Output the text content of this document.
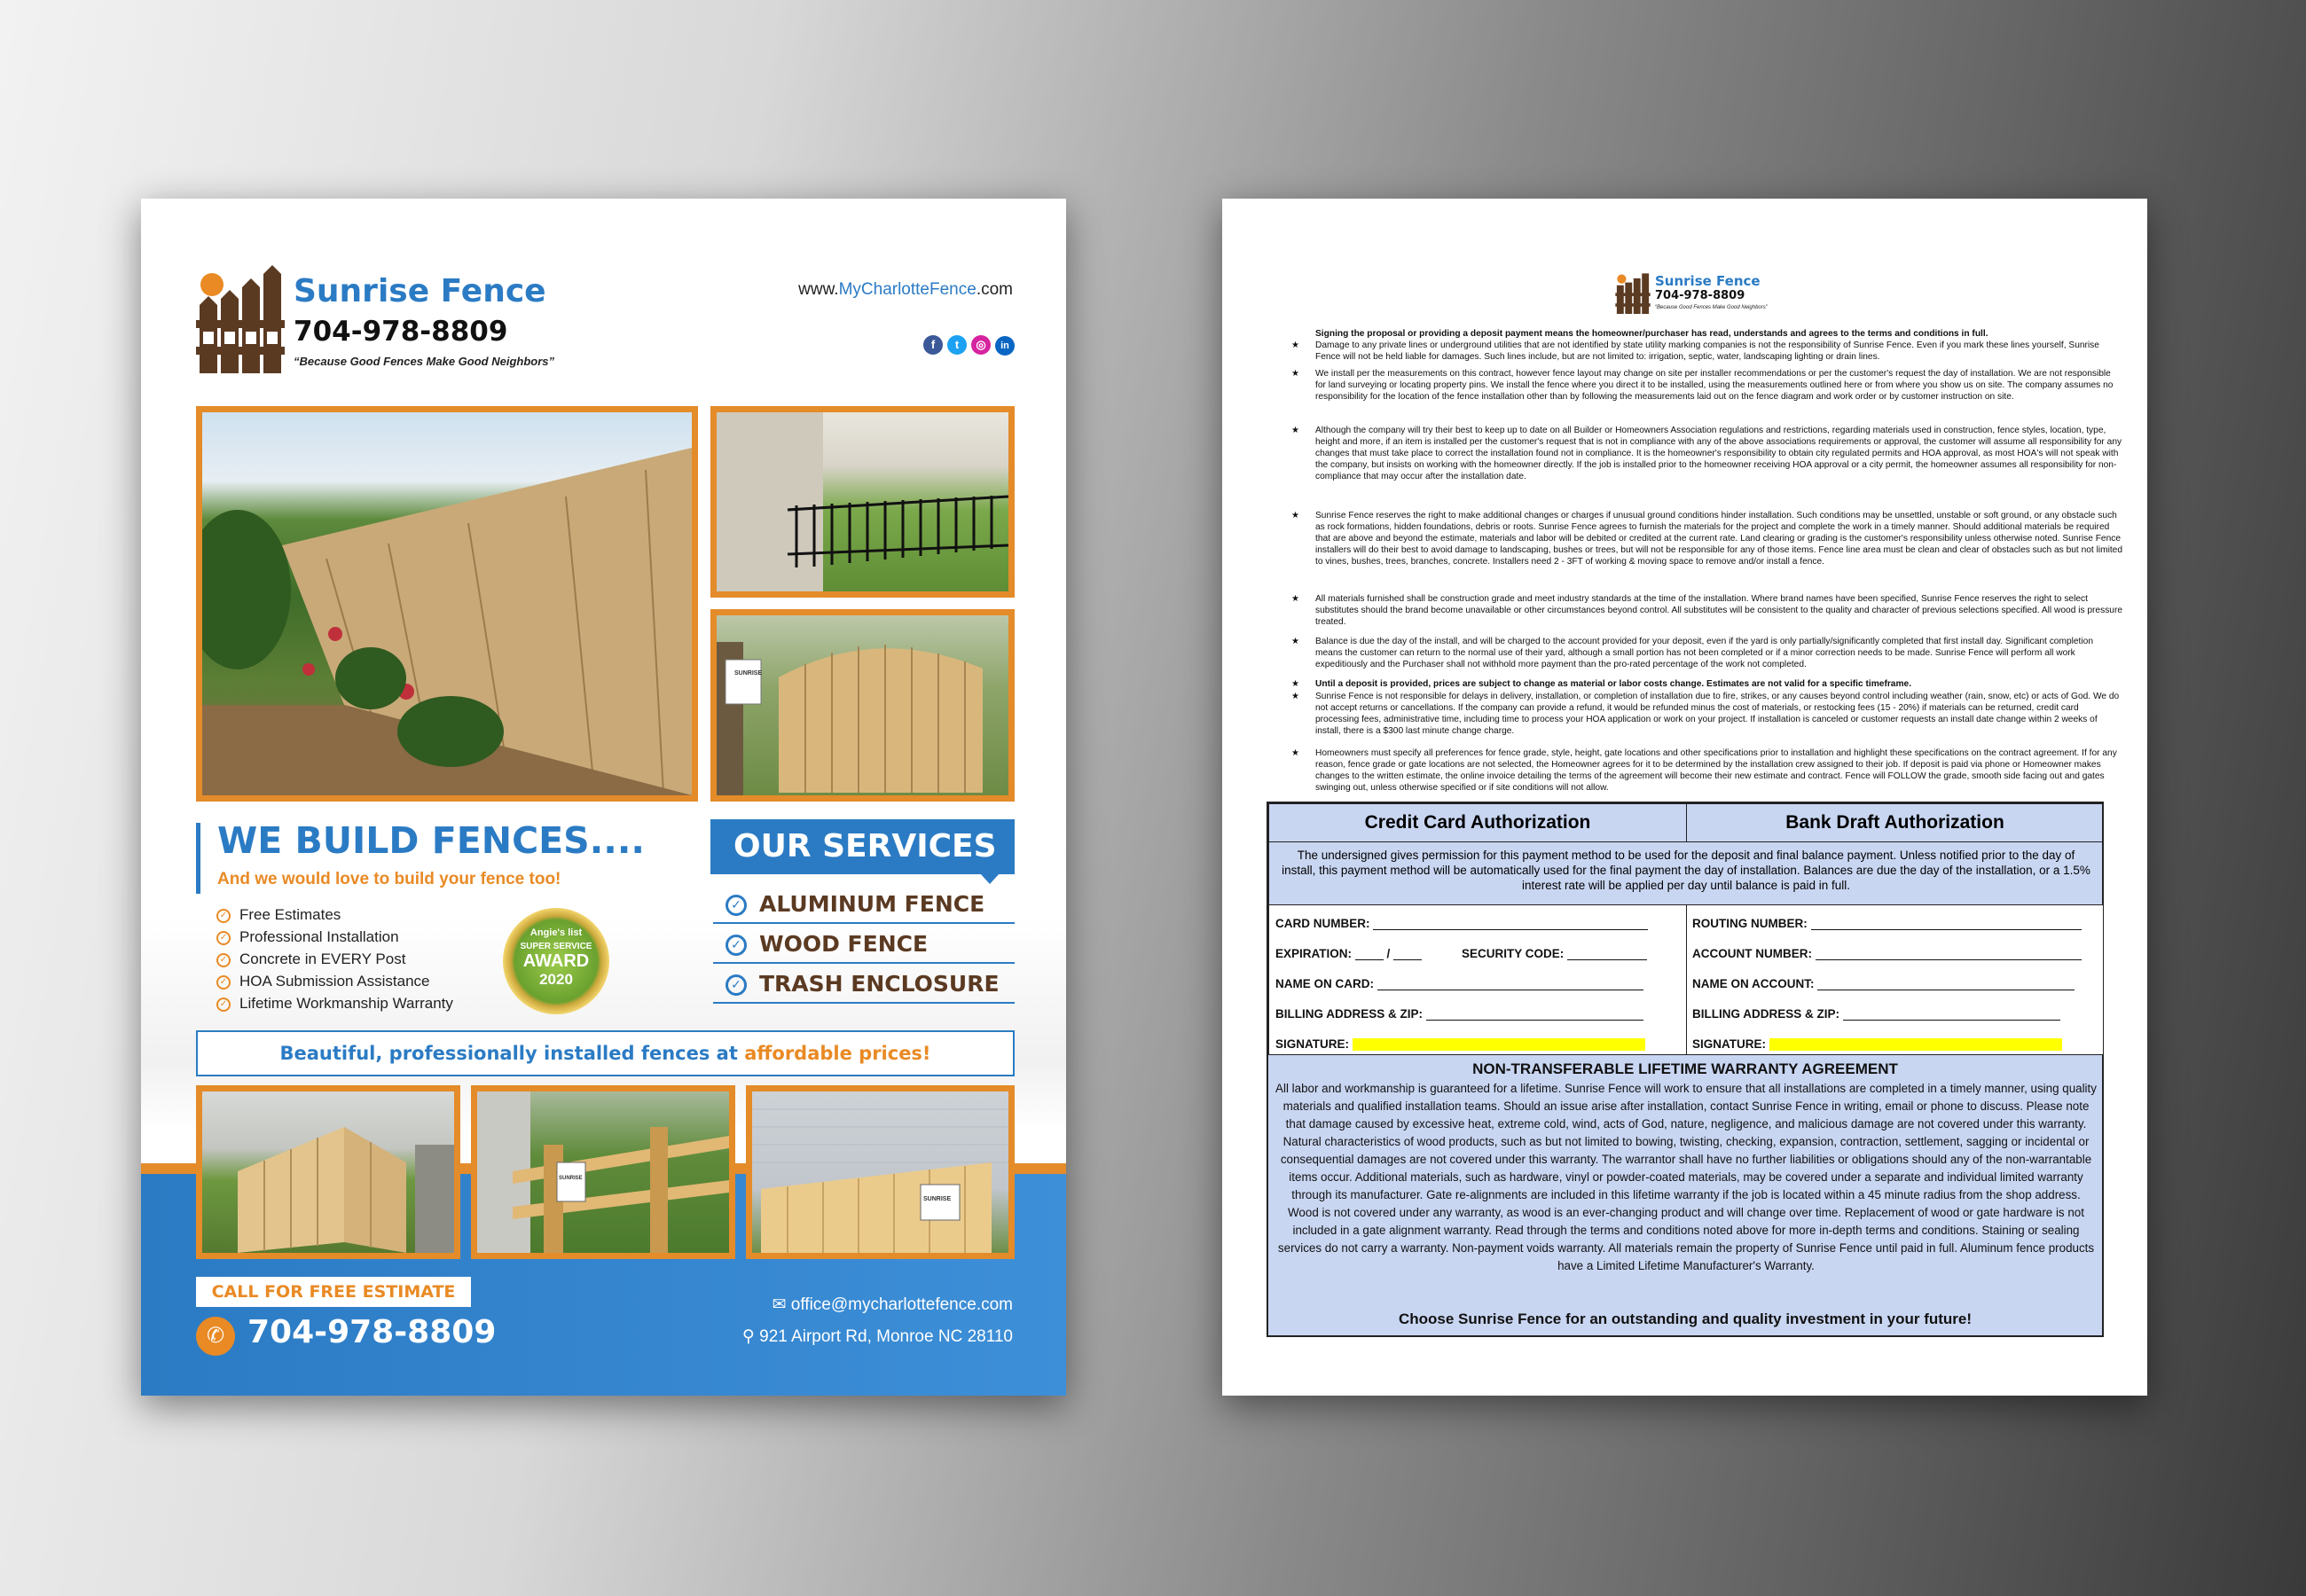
Sunrise Fence
704-978-8809
“Because Good Fences Make Good Neighbors”
www.MyCharlotteFence.com
f t ◎ in
SUNRISE
WE BUILD FENCES....
And we would love to build your fence too!
✓ Free Estimates
✓ Professional Installation
✓ Concrete in EVERY Post
✓ HOA Submission Assistance
✓ Lifetime Workmanship Warranty
Angie's list
SUPER SERVICE
AWARD
2020
OUR SERVICES
✓ ALUMINUM FENCE
✓ WOOD FENCE
✓ TRASH ENCLOSURE
Beautiful, professionally installed fences at affordable prices!
SUNRISE
SUNRISE
CALL FOR FREE ESTIMATE
✆ 704-978-8809
✉ office@mycharlottefence.com
⚲ 921 Airport Rd, Monroe NC 28110
Sunrise Fence
704-978-8809
“Because Good Fences Make Good Neighbors”
Signing the proposal or providing a deposit payment means the homeowner/purchaser has read, understands and agrees to the terms and conditions in full.
★ Damage to any private lines or underground utilities that are not identified by state utility marking companies is not the responsibility of Sunrise Fence. Even if you mark these lines yourself, Sunrise Fence will not be held liable for damages. Such lines include, but are not limited to: irrigation, septic, water, landscaping lighting or drain lines.
★ We install per the measurements on this contract, however fence layout may change on site per installer recommendations or per the customer's request the day of installation. We are not responsible for land surveying or locating property pins. We install the fence where you direct it to be installed, using the measurements outlined here or from where you show us on site. The company assumes no responsibility for the location of the fence installation other than by following the measurements laid out on the fence diagram and work order or by customer instruction on site.
★ Although the company will try their best to keep up to date on all Builder or Homeowners Association regulations and restrictions, regarding materials used in construction, fence styles, location, type, height and more, if an item is installed per the customer's request that is not in compliance with any of the above associations requirements or approval, the customer will assume all responsibility for any changes that must take place to correct the installation found not in compliance. It is the homeowner's responsibility to obtain city regulated permits and HOA approval, as most HOA's will not speak with the company, but insists on working with the homeowner directly. If the job is installed prior to the homeowner receiving HOA approval or a city permit, the homeowner assumes all responsibility for non-compliance that may occur after the installation date.
★ Sunrise Fence reserves the right to make additional changes or charges if unusual ground conditions hinder installation. Such conditions may be unsettled, unstable or soft ground, or any obstacle such as rock formations, hidden foundations, debris or roots. Sunrise Fence agrees to furnish the materials for the project and complete the work in a timely manner. Should additional materials be required that are above and beyond the estimate, materials and labor will be debited or credited at the current rate. Land clearing or grading is the customer's responsibility unless otherwise noted. Sunrise Fence installers will do their best to avoid damage to landscaping, bushes or trees, but will not be responsible for any of those items. Fence line area must be clean and clear of obstacles such as but not limited to vines, bushes, trees, branches, concrete. Installers need 2 - 3FT of working & moving space to remove and/or install a fence.
★ All materials furnished shall be construction grade and meet industry standards at the time of the installation. Where brand names have been specified, Sunrise Fence reserves the right to select substitutes should the brand become unavailable or other circumstances beyond control. All substitutes will be consistent to the quality and character of previous selections specified. All wood is pressure treated.
★ Balance is due the day of the install, and will be charged to the account provided for your deposit, even if the yard is only partially/significantly completed that first install day. Significant completion means the customer can return to the normal use of their yard, although a small portion has not been completed or if a minor correction needs to be made. Sunrise Fence will perform all work expeditiously and the Purchaser shall not withhold more payment than the pro-rated percentage of the work not completed.
★ Until a deposit is provided, prices are subject to change as material or labor costs change. Estimates are not valid for a specific timeframe.
★ Sunrise Fence is not responsible for delays in delivery, installation, or completion of installation due to fire, strikes, or any causes beyond control including weather (rain, snow, etc) or acts of God. We do not accept returns or cancellations. If the company can provide a refund, it would be refunded minus the cost of materials, or restocking fees (15 - 20%) if materials can be returned, credit card processing fees, administrative time, including time to process your HOA application or work on your project. If installation is canceled or customer requests an install date change within 2 weeks of install, there is a $300 last minute change charge.
★ Homeowners must specify all preferences for fence grade, style, height, gate locations and other specifications prior to installation and highlight these specifications on the contract agreement. If for any reason, fence grade or gate locations are not selected, the Homeowner agrees for it to be determined by the installation crew assigned to their job. If deposit is paid via phone or Homeowner makes changes to the written estimate, the online invoice detailing the terms of the agreement will become their new estimate and contract. Fence will FOLLOW the grade, smooth side facing out and gates swinging out, unless otherwise specified or if site conditions will not allow.
Credit Card Authorization	Bank Draft Authorization
The undersigned gives permission for this payment method to be used for the deposit and final balance payment. Unless notified prior to the day of install, this payment method will be automatically used for the final payment the day of installation. Balances are due the day of the installation, or a 1.5% interest rate will be applied per day until balance is paid in full.
CARD NUMBER:
EXPIRATION:	/	SECURITY CODE:
NAME ON CARD:
BILLING ADDRESS & ZIP:
SIGNATURE:
ROUTING NUMBER:
ACCOUNT NUMBER:
NAME ON ACCOUNT:
BILLING ADDRESS & ZIP:
SIGNATURE:
NON-TRANSFERABLE LIFETIME WARRANTY AGREEMENT
All labor and workmanship is guaranteed for a lifetime. Sunrise Fence will work to ensure that all installations are completed in a timely manner, using quality materials and qualified installation teams. Should an issue arise after installation, contact Sunrise Fence in writing, email or phone to discuss. Please note that damage caused by excessive heat, extreme cold, wind, acts of God, nature, negligence, and malicious damage are not covered under this warranty. Natural characteristics of wood products, such as but not limited to bowing, twisting, checking, expansion, contraction, settlement, sagging or incidental or consequential damages are not covered under this warranty. The warrantor shall have no further liabilities or obligations should any of the non-warrantable items occur. Additional materials, such as hardware, vinyl or powder-coated materials, may be covered under a separate and individual limited warranty through its manufacturer. Gate re-alignments are included in this lifetime warranty if the job is located within a 45 minute radius from the shop address. Wood is not covered under any warranty, as wood is an ever-changing product and will change over time. Replacement of wood or gate hardware is not included in a gate alignment warranty. Read through the terms and conditions noted above for more in-depth terms and conditions. Staining or sealing services do not carry a warranty. Non-payment voids warranty. All materials remain the property of Sunrise Fence until paid in full. Aluminum fence products have a Limited Lifetime Manufacturer's Warranty.
Choose Sunrise Fence for an outstanding and quality investment in your future!
